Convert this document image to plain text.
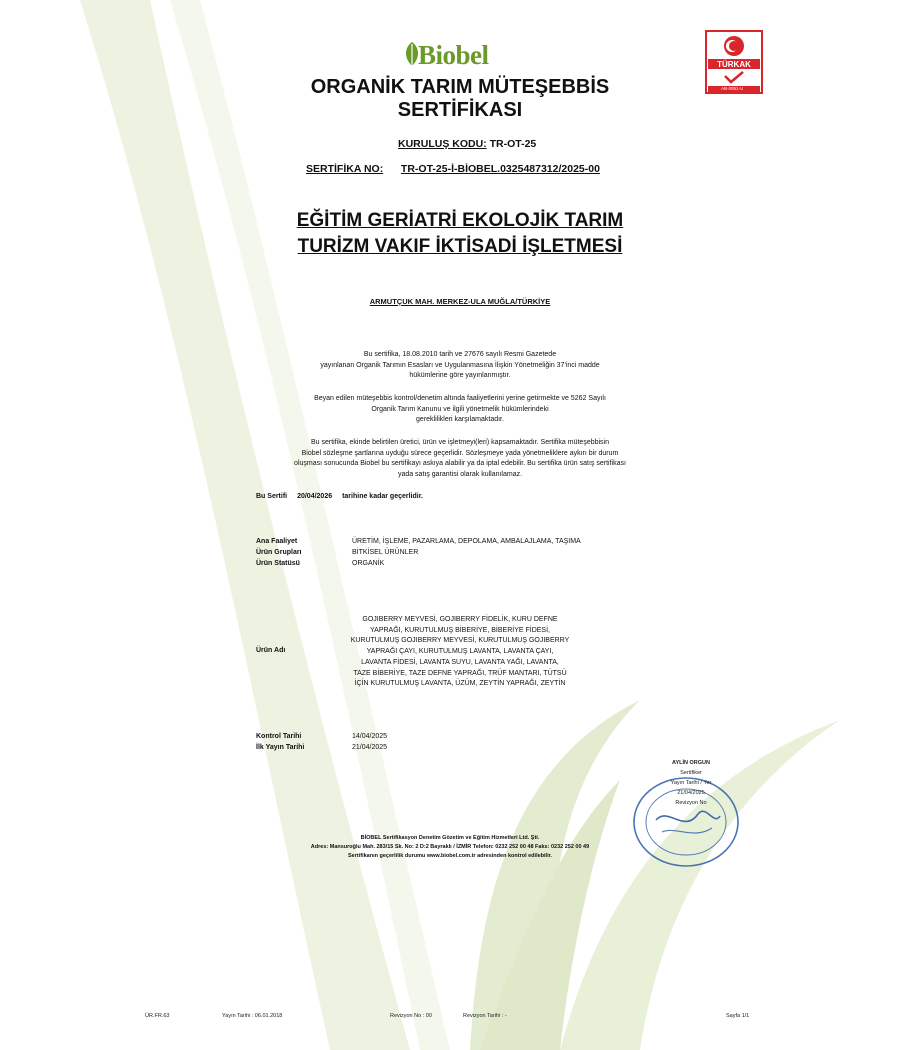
Biobel	TÜRKAK
AB-0051-U
ORGANİK TARIM MÜTEŞEBBİS
SERTİFİKASI
KURULUŞ KODU: TR-OT-25
SERTİFİKA NO: TR-OT-25-İ-BİOBEL.0325487312/2025-00
EĞİTİM GERİATRİ EKOLOJİK TARIM
TURİZM VAKIF İKTİSADİ İŞLETMESİ
ARMUTÇUK MAH. MERKEZ-ULA MUĞLA/TÜRKİYE
Bu sertifika, 18.08.2010 tarih ve 27676 sayılı Resmi Gazetede
yayınlanan Organik Tarımın Esasları ve Uygulanmasına İlişkin Yönetmeliğin 37'inci madde
hükümlerine göre yayınlanmıştır.
Beyan edilen müteşebbis kontrol/denetim altında faaliyetlerini yerine getirmekte ve 5262 Sayılı
Organik Tarım Kanunu ve ilgili yönetmelik hükümlerindeki
gereklilikleri karşılamaktadır.
Bu sertifika, ekinde belirtilen üretici, ürün ve işletmeyi(leri) kapsamaktadır. Sertifika müteşebbisin
Biobel sözleşme şartlarına uyduğu sürece geçerlidir. Sözleşmeye yada yönetmeliklere aykırı bir durum
oluşması sonucunda Biobel bu sertifikayı askıya alabilir ya da iptal edebilir. Bu sertifika ürün satış sertifikası
yada satış garantisi olarak kullanılamaz.
Bu Sertifi 20/04/2026 tarihine kadar geçerlidir.
Ana Faaliyet	ÜRETİM, İŞLEME, PAZARLAMA, DEPOLAMA, AMBALAJLAMA, TAŞIMA
Ürün Grupları	BİTKİSEL ÜRÜNLER
Ürün Statüsü	ORGANİK
Ürün Adı
GOJIBERRY MEYVESİ, GOJIBERRY FİDELİK, KURU DEFNE
YAPRAĞI, KURUTULMUŞ BİBERİYE, BİBERİYE FİDESİ,
KURUTULMUŞ GOJIBERRY MEYVESİ, KURUTULMUŞ GOJIBERRY
YAPRAĞI ÇAYI, KURUTULMUŞ LAVANTA, LAVANTA ÇAYI,
LAVANTA FİDESİ, LAVANTA SUYU, LAVANTA YAĞI, LAVANTA,
TAZE BİBERİYE, TAZE DEFNE YAPRAĞI, TRÜF MANTARI, TÜTSÜ
İÇİN KURUTULMUŞ LAVANTA, ÜZÜM, ZEYTİN YAPRAĞI, ZEYTİN
Kontrol Tarihi	14/04/2025
İlk Yayın Tarihi	21/04/2025
AYLİN ORGUN
Sertifiker
Yayın Tarihi / Yer
21/04/2025
Revizyon No
BİOBEL Sertifikasyon Denetim Gözetim ve Eğitim Hizmetleri Ltd. Şti.
Adres: Mansuroğlu Mah. 283/15 Sk. No: 2 D:2 Bayraklı / İZMİR Telefon: 0232 252 00 48 Faks: 0232 252 00 49
Sertifikanın geçerlilik durumu www.biobel.com.tr adresinden kontrol edilebilir.
ÜR.FR.63	Yayın Tarihi : 06.01.2018	Revizyon No : 00	Revizyon Tarihi : -	Sayfa 1/1
